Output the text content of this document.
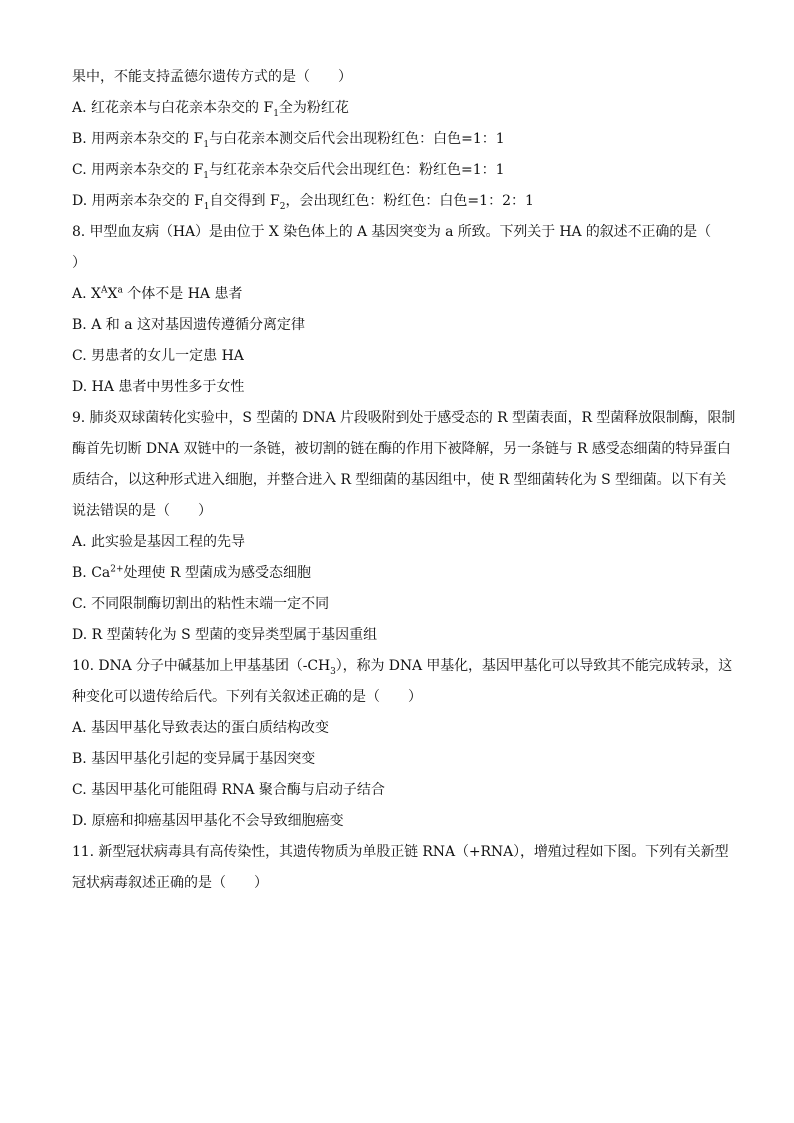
果中，不能支持孟德尔遗传方式的是（　　）
A. 红花亲本与白花亲本杂交的 $F_1$全为粉红花
B. 用两亲本杂交的 $F_1$与白花亲本测交后代会出现粉红色：白色=1：1
C. 用两亲本杂交的 $F_1$与红花亲本杂交后代会出现红色：粉红色=1：1
D. 用两亲本杂交的 $F_1$自交得到 $F_2$，会出现红色：粉红色：白色=1：2：1
8. 甲型血友病（HA）是由位于 X 染色体上的 A 基因突变为 a 所致。下列关于 HA 的叙述不正确的是（
）
A. $X^AX^a$ 个体不是 HA 患者
B. A 和 a 这对基因遗传遵循分离定律
C. 男患者的女儿一定患 HA
D. HA 患者中男性多于女性
9. 肺炎双球菌转化实验中，S 型菌的 DNA 片段吸附到处于感受态的 R 型菌表面，R 型菌释放限制酶，限制
酶首先切断 DNA 双链中的一条链，被切割的链在酶的作用下被降解，另一条链与 R 感受态细菌的特异蛋白
质结合，以这种形式进入细胞，并整合进入 R 型细菌的基因组中，使 R 型细菌转化为 S 型细菌。以下有关
说法错误的是（　　）
A. 此实验是基因工程的先导
B. $Ca^{2+}$处理使 R 型菌成为感受态细胞
C. 不同限制酶切割出的粘性末端一定不同
D. R 型菌转化为 S 型菌的变异类型属于基因重组
10. DNA 分子中碱基加上甲基基团$(-CH_3)$，称为 DNA 甲基化，基因甲基化可以导致其不能完成转录，这
种变化可以遗传给后代。下列有关叙述正确的是（　　）
A. 基因甲基化导致表达的蛋白质结构改变
B. 基因甲基化引起的变异属于基因突变
C. 基因甲基化可能阻碍 RNA 聚合酶与启动子结合
D. 原癌和抑癌基因甲基化不会导致细胞癌变
11. 新型冠状病毒具有高传染性，其遗传物质为单股正链 RNA（+RNA），增殖过程如下图。下列有关新型
冠状病毒叙述正确的是（　　）
